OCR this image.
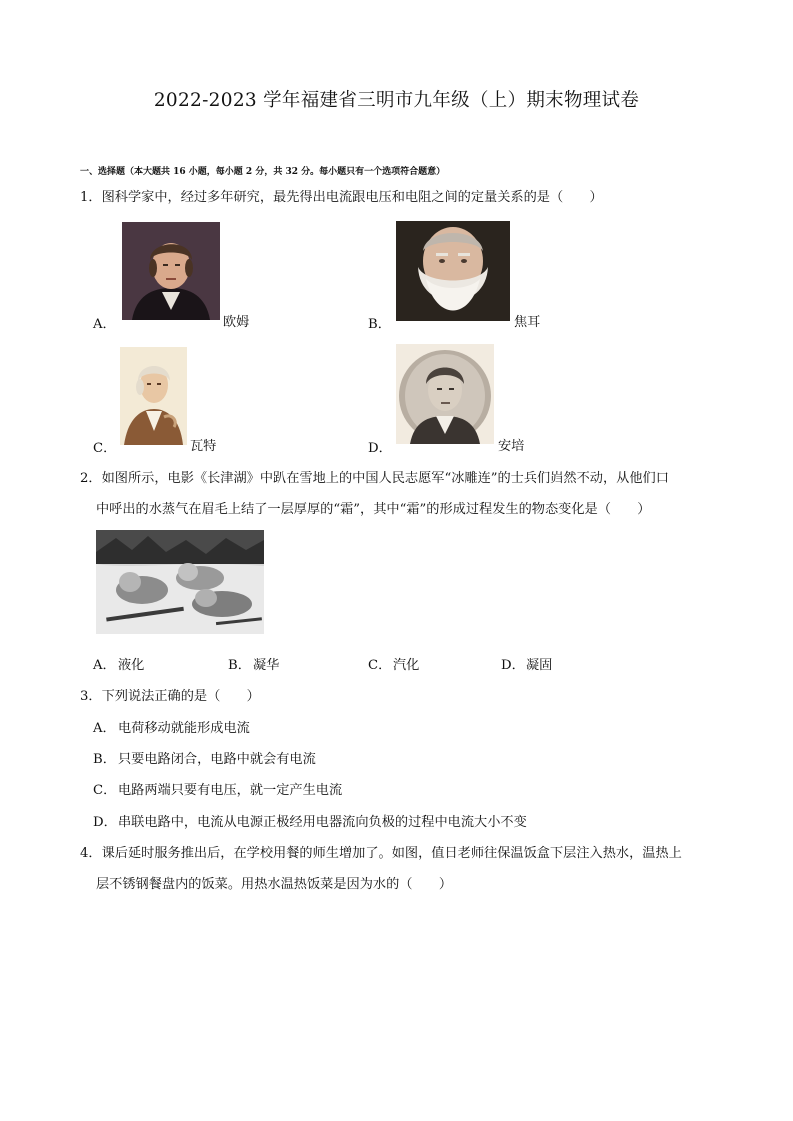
2022-2023 学年福建省三明市九年级（上）期末物理试卷
一、选择题（本大题共 16 小题，每小题 2 分，共 32 分。每小题只有一个选项符合题意）
1．图科学家中，经过多年研究，最先得出电流跟电压和电阻之间的定量关系的是（　　）
A．	欧姆	B．	焦耳
C．	瓦特	D．	安培
2．如图所示，电影《长津湖》中趴在雪地上的中国人民志愿军“冰雕连”的士兵们岿然不动，从他们口
中呼出的水蒸气在眉毛上结了一层厚厚的“霜”，其中“霜”的形成过程发生的物态变化是（　　）
A． 液化	B． 凝华	C． 汽化	D． 凝固
3．下列说法正确的是（　　）
A． 电荷移动就能形成电流
B． 只要电路闭合，电路中就会有电流
C． 电路两端只要有电压，就一定产生电流
D． 串联电路中，电流从电源正极经用电器流向负极的过程中电流大小不变
4．课后延时服务推出后，在学校用餐的师生增加了。如图，值日老师往保温饭盒下层注入热水，温热上
层不锈钢餐盘内的饭菜。用热水温热饭菜是因为水的（　　）
